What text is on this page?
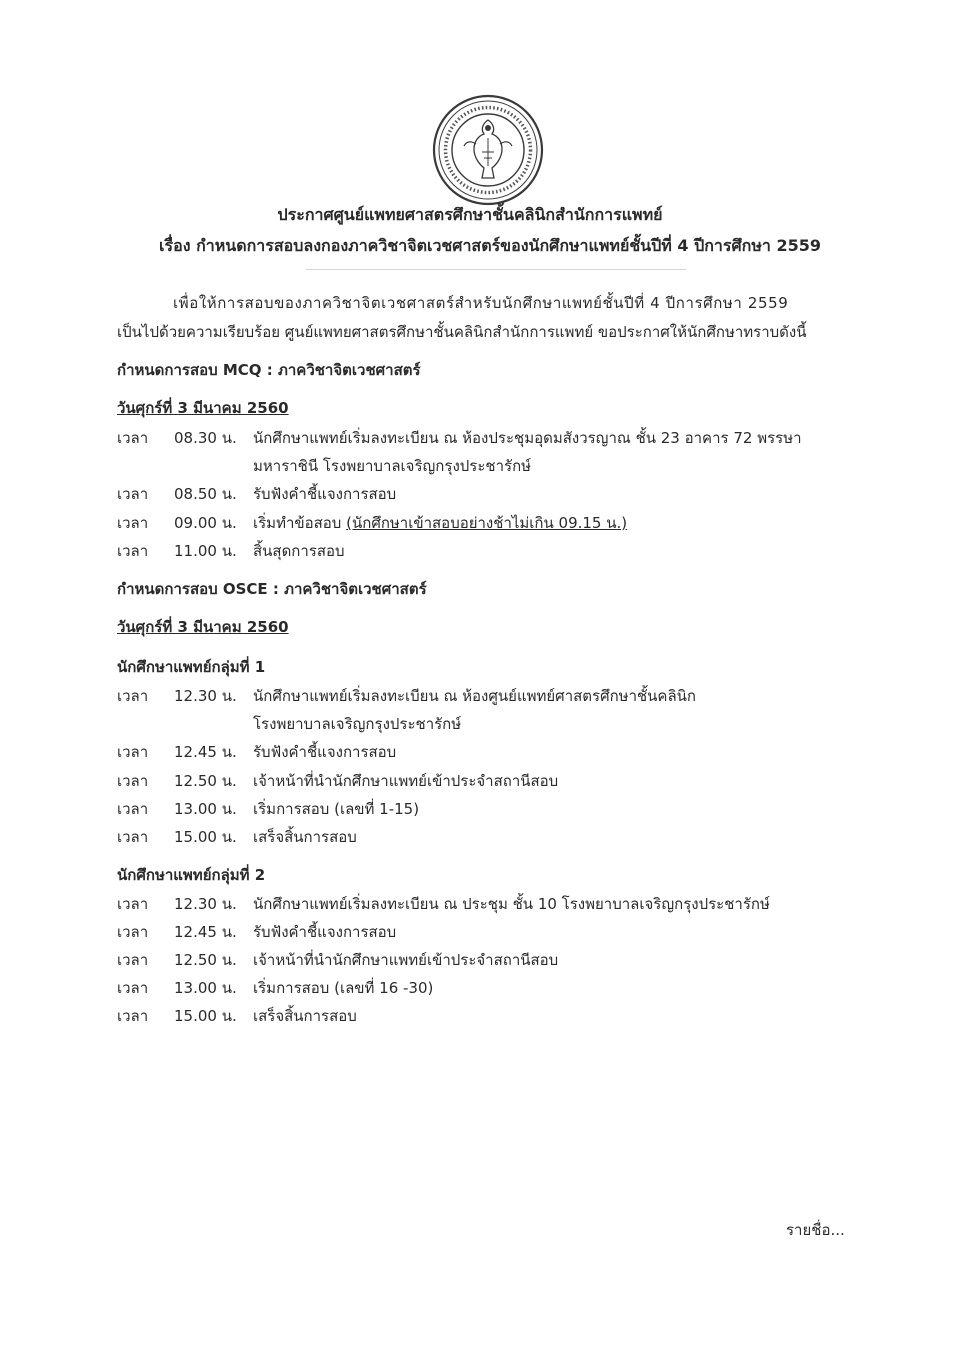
ประกาศศูนย์แพทยศาสตรศึกษาชั้นคลินิกสำนักการแพทย์
เรื่อง กำหนดการสอบลงกองภาควิชาจิตเวชศาสตร์ของนักศึกษาแพทย์ชั้นปีที่ 4 ปีการศึกษา 2559
เพื่อให้การสอบของภาควิชาจิตเวชศาสตร์สำหรับนักศึกษาแพทย์ชั้นปีที่ 4 ปีการศึกษา 2559
เป็นไปด้วยความเรียบร้อย ศูนย์แพทยศาสตรศึกษาชั้นคลินิกสำนักการแพทย์ ขอประกาศให้นักศึกษาทราบดังนี้
กำหนดการสอบ MCQ : ภาควิชาจิตเวชศาสตร์
วันศุกร์ที่ 3 มีนาคม 2560
เวลา 08.30 น. นักศึกษาแพทย์เริ่มลงทะเบียน ณ ห้องประชุมอุดมสังวรญาณ ชั้น 23 อาคาร 72 พรรษา
มหาราชินี โรงพยาบาลเจริญกรุงประชารักษ์
เวลา 08.50 น. รับฟังคำชี้แจงการสอบ
เวลา 09.00 น. เริ่มทำข้อสอบ (นักศึกษาเข้าสอบอย่างช้าไม่เกิน 09.15 น.)
เวลา 11.00 น. สิ้นสุดการสอบ
กำหนดการสอบ OSCE : ภาควิชาจิตเวชศาสตร์
วันศุกร์ที่ 3 มีนาคม 2560
นักศึกษาแพทย์กลุ่มที่ 1
เวลา 12.30 น. นักศึกษาแพทย์เริ่มลงทะเบียน ณ ห้องศูนย์แพทย์ศาสตรศึกษาชั้นคลินิก
โรงพยาบาลเจริญกรุงประชารักษ์
เวลา 12.45 น. รับฟังคำชี้แจงการสอบ
เวลา 12.50 น. เจ้าหน้าที่นำนักศึกษาแพทย์เข้าประจำสถานีสอบ
เวลา 13.00 น. เริ่มการสอบ (เลขที่ 1-15)
เวลา 15.00 น. เสร็จสิ้นการสอบ
นักศึกษาแพทย์กลุ่มที่ 2
เวลา 12.30 น. นักศึกษาแพทย์เริ่มลงทะเบียน ณ ประชุม ชั้น 10 โรงพยาบาลเจริญกรุงประชารักษ์
เวลา 12.45 น. รับฟังคำชี้แจงการสอบ
เวลา 12.50 น. เจ้าหน้าที่นำนักศึกษาแพทย์เข้าประจำสถานีสอบ
เวลา 13.00 น. เริ่มการสอบ (เลขที่ 16 -30)
เวลา 15.00 น. เสร็จสิ้นการสอบ
รายชื่อ...
